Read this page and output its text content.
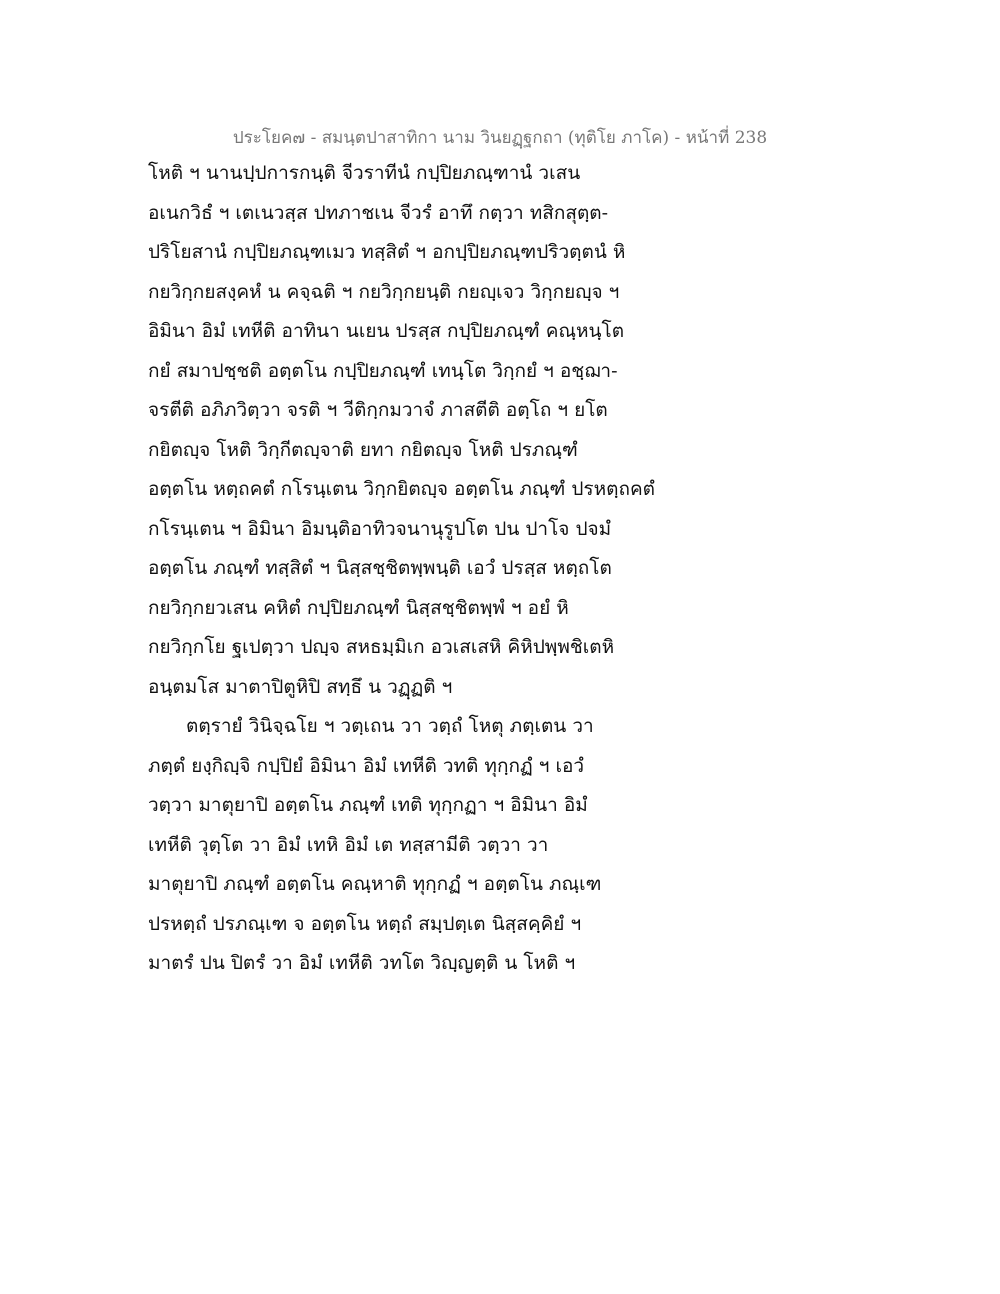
ประโยค๗ - สมนฺตปาสาทิกา นาม วินยฏฺฐกถา (ทุติโย ภาโค) - หน้าที่ 238
โหติ ฯ นานปฺปการกนฺติ จีวราทีนํ กปฺปิยภณฺฑานํ วเสน
อเนกวิธํ ฯ เตเนวสฺส ปทภาชเน จีวรํ อาทึ กตฺวา ทสิกสุตฺต-
ปริโยสานํ กปฺปิยภณฺฑเมว ทสฺสิตํ ฯ อกปฺปิยภณฺฑปริวตฺตนํ หิ
กยวิกฺกยสงฺคหํ น คจฺฉติ ฯ กยวิกฺกยนฺติ กยญฺเจว วิกฺกยญฺจ ฯ
อิมินา อิมํ เทหีติ อาทินา นเยน ปรสฺส กปฺปิยภณฺฑํ คณฺหนฺโต
กยํ สมาปชฺชติ อตฺตโน กปฺปิยภณฺฑํ เทนฺโต วิกฺกยํ ฯ อชฺฌา-
จรตีติ อภิภวิตฺวา จรติ ฯ วีติกฺกมวาจํ ภาสตีติ อตฺโถ ฯ ยโต
กยิตญฺจ โหติ วิกฺกีตญฺจาติ ยทา กยิตญฺจ โหติ ปรภณฺฑํ
อตฺตโน หตฺถคตํ กโรนฺเตน วิกฺกยิตญฺจ อตฺตโน ภณฺฑํ ปรหตฺถคตํ
กโรนฺเตน ฯ อิมินา อิมนฺติอาทิวจนานุรูปโต ปน ปาโจ ปจมํ
อตฺตโน ภณฺฑํ ทสฺสิตํ ฯ นิสฺสชฺชิตพฺพนฺติ เอวํ ปรสฺส หตฺถโต
กยวิกฺกยวเสน คหิตํ กปฺปิยภณฺฑํ นิสฺสชฺชิตพฺพํ ฯ อยํ หิ
กยวิกฺกโย ฐเปตฺวา ปญฺจ สหธมฺมิเก อวเสเสหิ คิหิปพฺพชิเตหิ
อนฺตมโส มาตาปิตูหิปิ สทฺธึ น วฏฺฏติ ฯ
ตตฺรายํ วินิจฺฉโย ฯ วตฺเถน วา วตฺถํ โหตุ ภตฺเตน วา
ภตฺตํ ยงฺกิญฺจิ กปฺปิยํ อิมินา อิมํ เทหีติ วทติ ทุกฺกฏํ ฯ เอวํ
วตฺวา มาตุยาปิ อตฺตโน ภณฺฑํ เทติ ทุกฺกฏา ฯ อิมินา อิมํ
เทหีติ วุตฺโต วา อิมํ เทหิ อิมํ เต ทสฺสามีติ วตฺวา วา
มาตุยาปิ ภณฺฑํ อตฺตโน คณฺหาติ ทุกฺกฏํ ฯ อตฺตโน ภณฺเฑ
ปรหตฺถํ ปรภณฺเฑ จ อตฺตโน หตฺถํ สมฺปตฺเต นิสฺสคฺคิยํ ฯ
มาตรํ ปน ปิตรํ วา อิมํ เทหีติ วทโต วิญฺญตฺติ น โหติ ฯ
